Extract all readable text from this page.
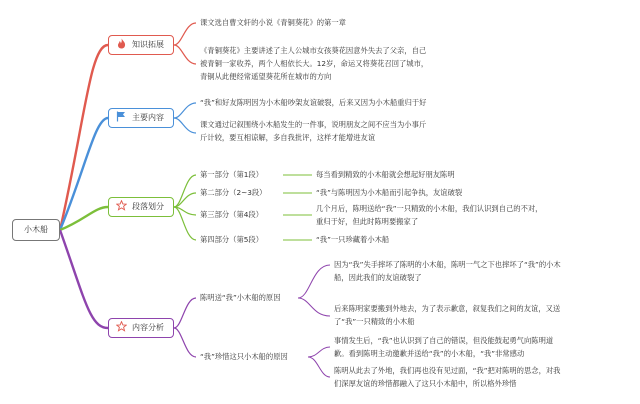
小木船
知识拓展
主要内容
段落划分
内容分析
课文选自曹文轩的小说《青铜葵花》的第一章
《青铜葵花》主要讲述了主人公城市女孩葵花因意外失去了父亲，自己
被青铜一家收养，两个人相依长大。12岁，命运又将葵花召回了城市，
青铜从此便经常遥望葵花所在城市的方向
“我”和好友陈明因为小木船吵架友谊破裂，后来又因为小木船重归于好
课文通过记叙围绕小木船发生的一件事，说明朋友之间不应当为小事斤
斤计较，要互相谅解，多自我批评，这样才能增进友谊
第一部分（第1段）
第二部分（2~3段）
第三部分（第4段）
第四部分（第5段）
每当看到精致的小木船就会想起好朋友陈明
“我”与陈明因为小木船而引起争执，友谊破裂
几个月后，陈明送给“我”一只精致的小木船，我们认识到自己的不对，
重归于好，但此时陈明要搬家了
“我”一只珍藏着小木船
陈明送“我”小木船的原因
“我”珍惜这只小木船的原因
因为“我”失手摔坏了陈明的小木船，陈明一气之下也摔坏了“我”的小木
船，因此我们的友谊破裂了
后来陈明家要搬到外地去，为了表示歉意，叙复我们之间的友谊，又送
了“我”一只精致的小木船
事情发生后，“我”也认识到了自己的错误，但没能鼓起勇气向陈明道
歉。看到陈明主动邀歉并送给“我”的小木船，“我”非常感动
陈明从此去了外地，我们再也没有见过面，“我”把对陈明的思念，对我
们深厚友谊的珍惜都融入了这只小木船中，所以格外珍惜
